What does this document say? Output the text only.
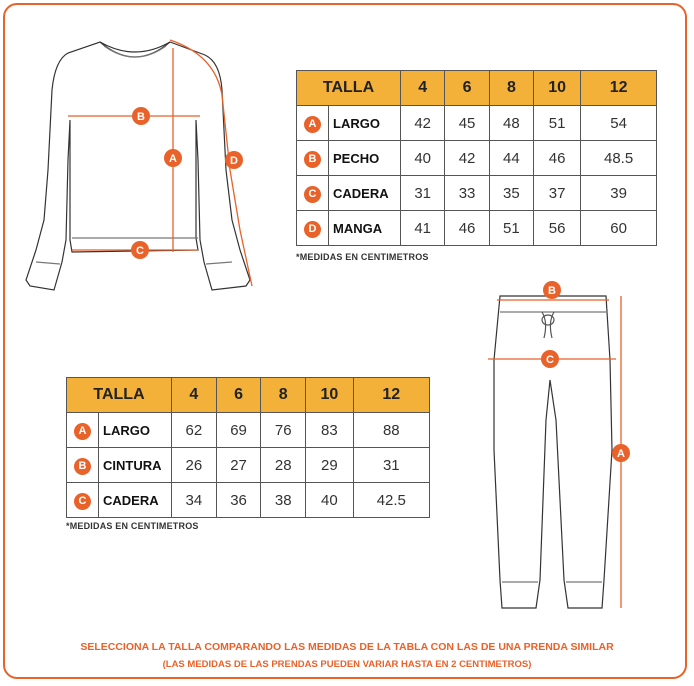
B
A
C
D
B
C
A
TALLA		4	6	8	10	12
A	LARGO	42	45	48	51	54
B	PECHO	40	42	44	46	48.5
C	CADERA	31	33	35	37	39
D	MANGA	41	46	51	56	60
*MEDIDAS EN CENTIMETROS
TALLA		4	6	8	10	12
A	LARGO	62	69	76	83	88
B	CINTURA	26	27	28	29	31
C	CADERA	34	36	38	40	42.5
*MEDIDAS EN CENTIMETROS
SELECCIONA LA TALLA COMPARANDO LAS MEDIDAS DE LA TABLA CON LAS DE UNA PRENDA SIMILAR
(LAS MEDIDAS DE LAS PRENDAS PUEDEN VARIAR HASTA EN 2 CENTIMETROS)
